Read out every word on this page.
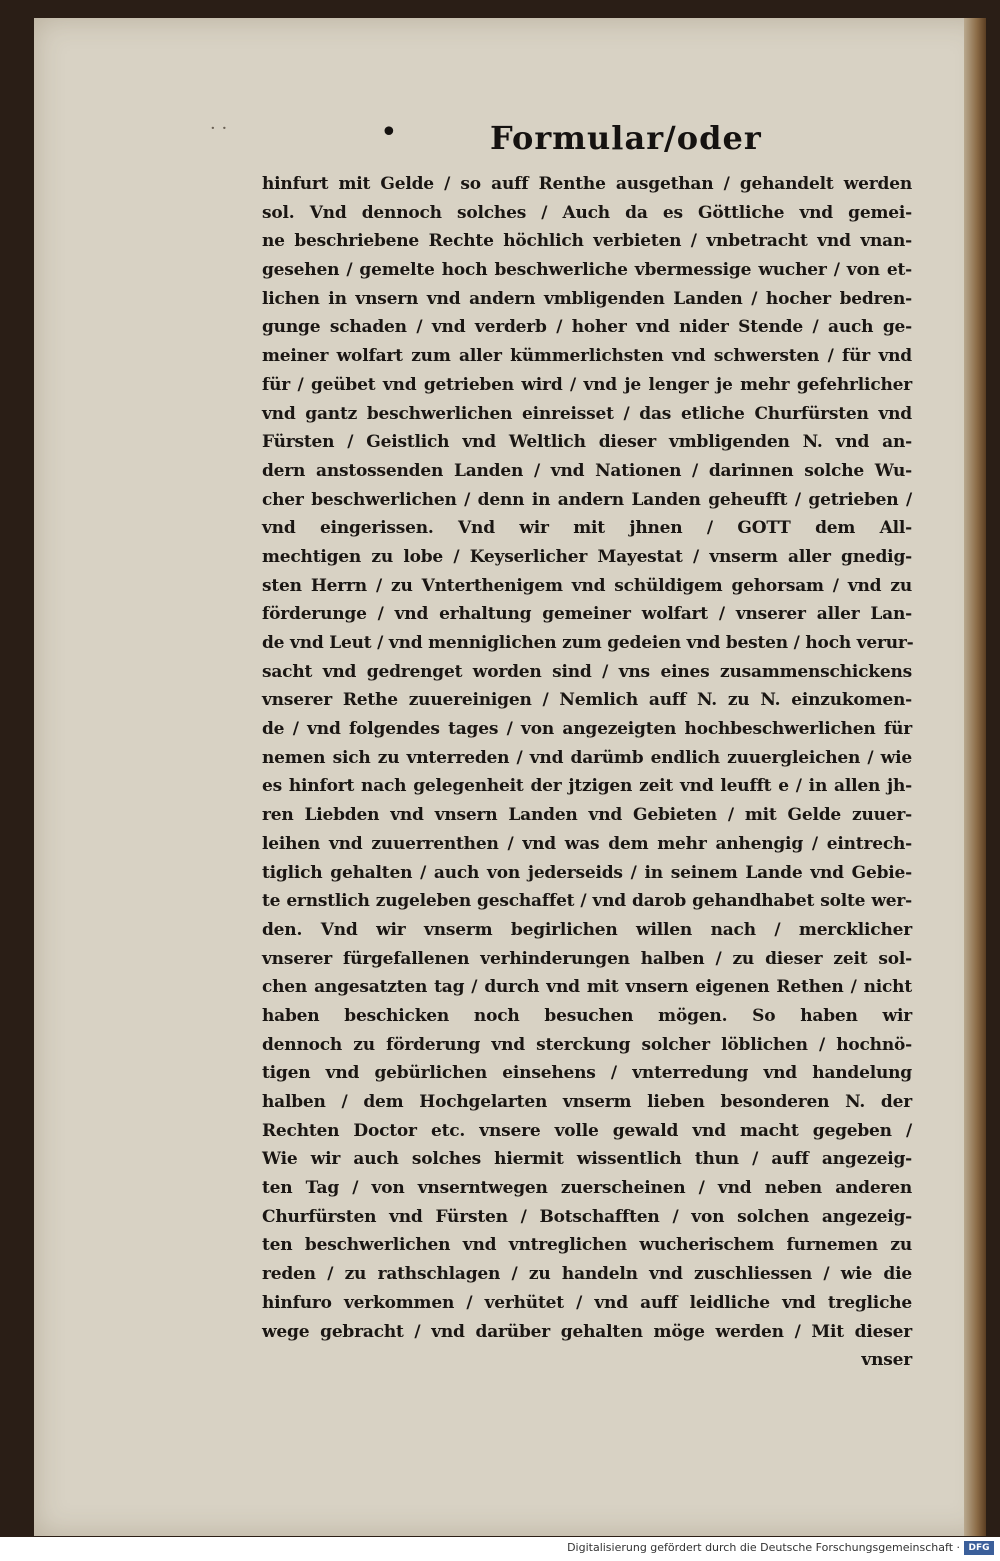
· ·	•	Formular/oder
hinfurt mit Gelde / so auff Renthe ausgethan / gehandelt werden
sol. Vnd dennoch solches / Auch da es Göttliche vnd gemei-
ne beschriebene Rechte höchlich verbieten / vnbetracht vnd vnan-
gesehen / gemelte hoch beschwerliche vbermessige wucher / von et-
lichen in vnsern vnd andern vmbligenden Landen / hocher bedren-
gunge schaden / vnd verderb / hoher vnd nider Stende / auch ge-
meiner wolfart zum aller kümmerlichsten vnd schwersten / für vnd
für / geübet vnd getrieben wird / vnd je lenger je mehr gefehrlicher
vnd gantz beschwerlichen einreisset / das etliche Churfürsten vnd
Fürsten / Geistlich vnd Weltlich dieser vmbligenden N. vnd an-
dern anstossenden Landen / vnd Nationen / darinnen solche Wu-
cher beschwerlichen / denn in andern Landen geheufft / getrieben /
vnd eingerissen. Vnd wir mit jhnen / GOTT dem All-
mechtigen zu lobe / Keyserlicher Mayestat / vnserm aller gnedig-
sten Herrn / zu Vnterthenigem vnd schüldigem gehorsam / vnd zu
förderunge / vnd erhaltung gemeiner wolfart / vnserer aller Lan-
de vnd Leut / vnd menniglichen zum gedeien vnd besten / hoch verur-
sacht vnd gedrenget worden sind / vns eines zusammenschickens
vnserer Rethe zuuereinigen / Nemlich auff N. zu N. einzukomen-
de / vnd folgendes tages / von angezeigten hochbeschwerlichen für
nemen sich zu vnterreden / vnd darümb endlich zuuergleichen / wie
es hinfort nach gelegenheit der jtzigen zeit vnd leufft e / in allen jh-
ren Liebden vnd vnsern Landen vnd Gebieten / mit Gelde zuuer-
leihen vnd zuuerrenthen / vnd was dem mehr anhengig / eintrech-
tiglich gehalten / auch von jederseids / in seinem Lande vnd Gebie-
te ernstlich zugeleben geschaffet / vnd darob gehandhabet solte wer-
den. Vnd wir vnserm begirlichen willen nach / mercklicher
vnserer fürgefallenen verhinderungen halben / zu dieser zeit sol-
chen angesatzten tag / durch vnd mit vnsern eigenen Rethen / nicht
haben beschicken noch besuchen mögen. So haben wir
dennoch zu förderung vnd sterckung solcher löblichen / hochnö-
tigen vnd gebürlichen einsehens / vnterredung vnd handelung
halben / dem Hochgelarten vnserm lieben besonderen N. der
Rechten Doctor etc. vnsere volle gewald vnd macht gegeben /
Wie wir auch solches hiermit wissentlich thun / auff angezeig-
ten Tag / von vnserntwegen zuerscheinen / vnd neben anderen
Churfürsten vnd Fürsten / Botschafften / von solchen angezeig-
ten beschwerlichen vnd vntreglichen wucherischem furnemen zu
reden / zu rathschlagen / zu handeln vnd zuschliessen / wie die
hinfuro verkommen / verhütet / vnd auff leidliche vnd tregliche
wege gebracht / vnd darüber gehalten möge werden / Mit dieser
vnser
Digitalisierung gefördert durch die Deutsche Forschungsgemeinschaft · DFG
